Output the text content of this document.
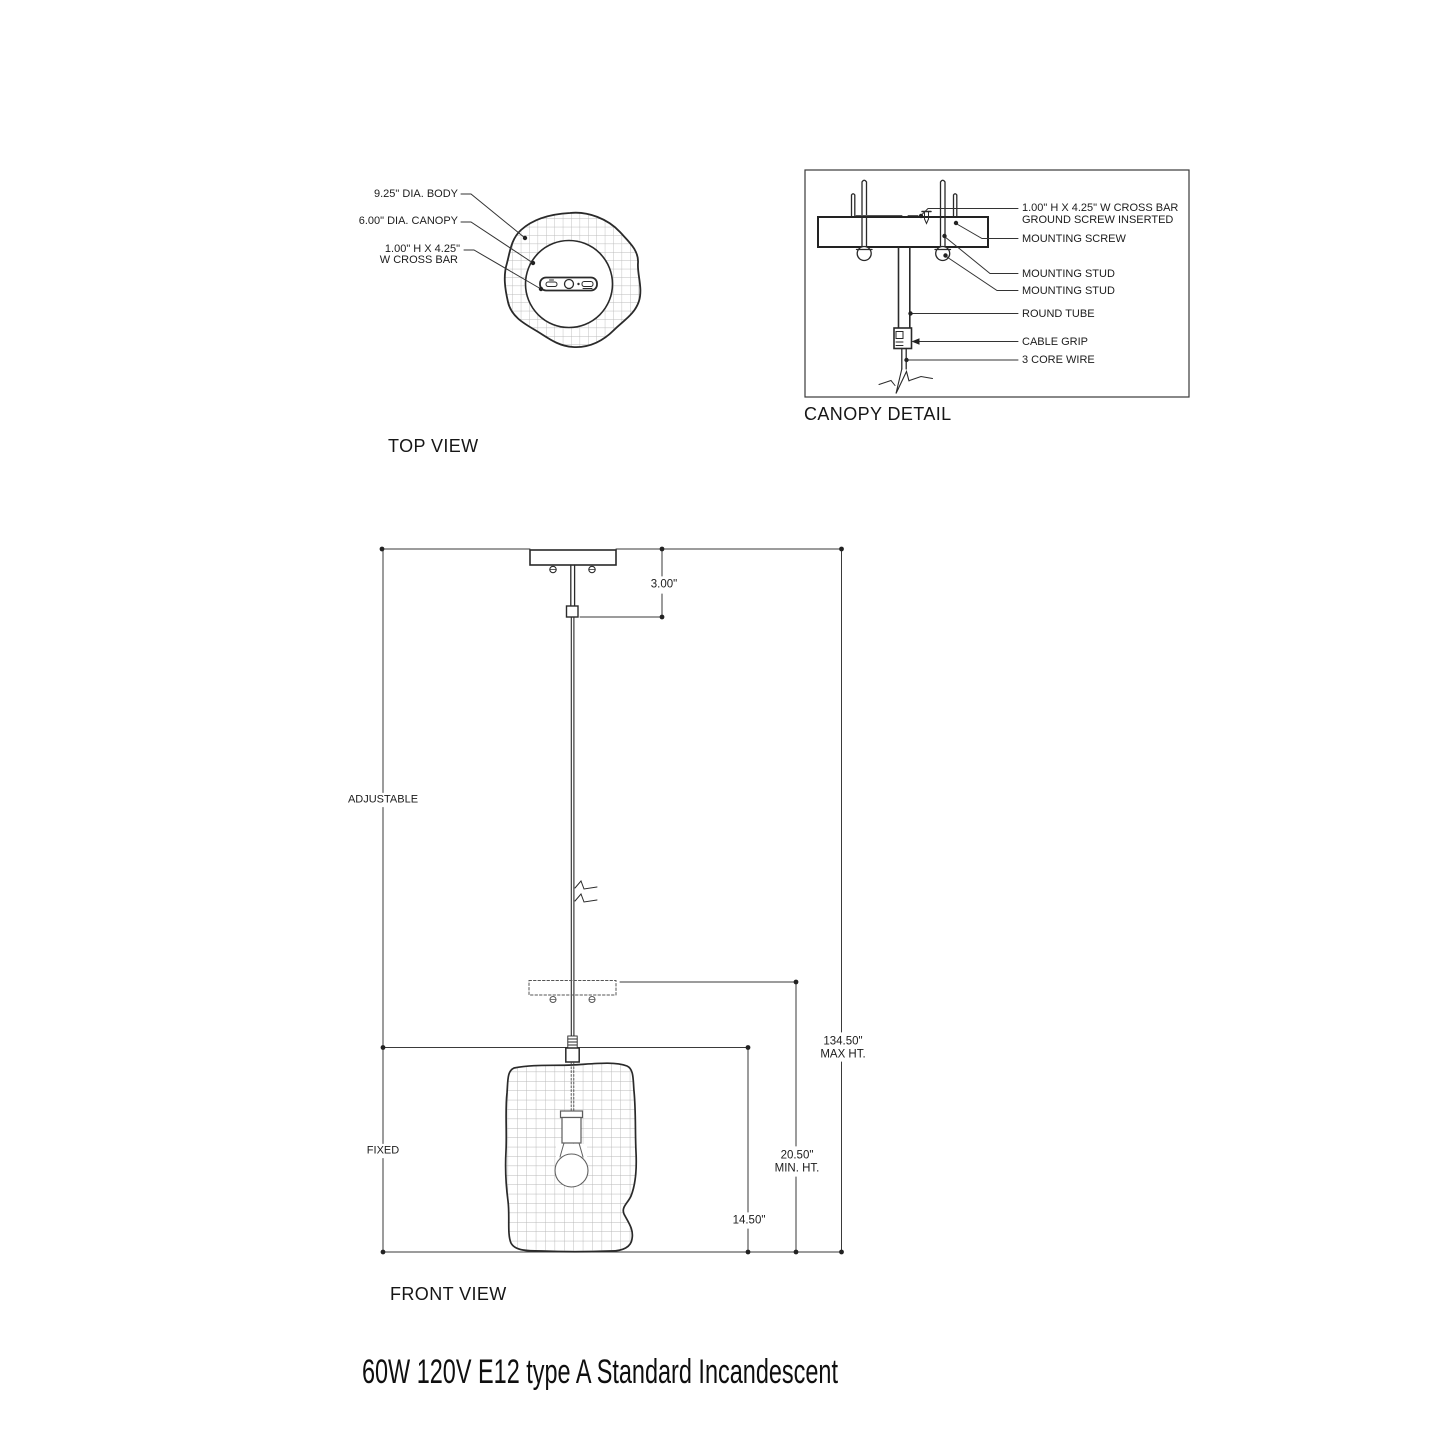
9.25" DIA. BODY
6.00" DIA. CANOPY
1.00" H X 4.25"
W CROSS BAR
TOP VIEW
1.00" H X 4.25" W CROSS BAR
GROUND SCREW INSERTED
MOUNTING SCREW
MOUNTING STUD
MOUNTING STUD
ROUND TUBE
CABLE GRIP
3 CORE WIRE
CANOPY DETAIL
3.00"
ADJUSTABLE
FIXED
134.50"
MAX HT.
20.50"
MIN. HT.
14.50"
FRONT VIEW
60W 120V E12 type A Standard Incandescent
